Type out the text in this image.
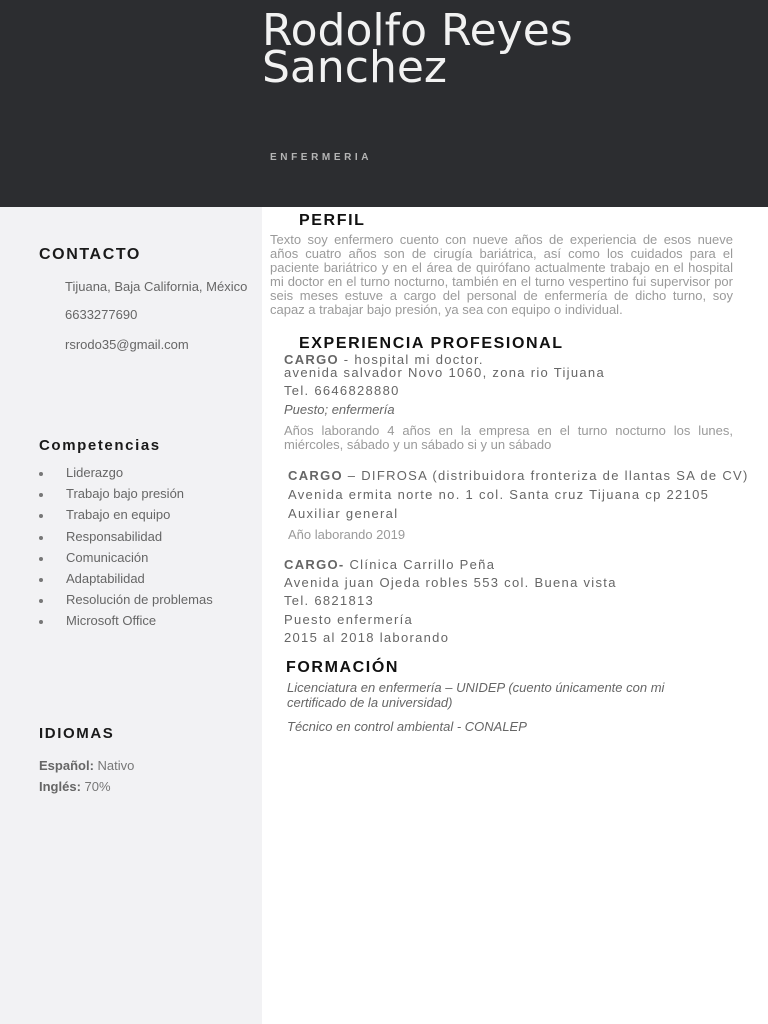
Rodolfo Reyes
Sanchez
ENFERMERIA
CONTACTO
Tijuana, Baja California, México
6633277690
rsrodo35@gmail.com
Competencias
Liderazgo
Trabajo bajo presión
Trabajo en equipo
Responsabilidad
Comunicación
Adaptabilidad
Resolución de problemas
Microsoft Office
IDIOMAS
Español: Nativo
Inglés: 70%
PERFIL
Texto soy enfermero cuento con nueve años de experiencia de esos nueve años cuatro años son de cirugía bariátrica, así como los cuidados para el paciente bariátrico y en el área de quirófano actualmente trabajo en el hospital mi doctor en el turno nocturno, también en el turno vespertino fui supervisor por seis meses estuve a cargo del personal de enfermería de dicho turno, soy capaz a trabajar bajo presión, ya sea con equipo o individual.
EXPERIENCIA PROFESIONAL
CARGO - hospital mi doctor.
avenida salvador Novo 1060, zona rio Tijuana
Tel. 6646828880
Puesto; enfermería
Años laborando 4 años en la empresa en el turno nocturno los lunes, miércoles, sábado y un sábado si y un sábado
CARGO – DIFROSA (distribuidora fronteriza de llantas SA de CV)
Avenida ermita norte no. 1 col. Santa cruz Tijuana cp 22105
Auxiliar general
Año laborando 2019
CARGO- Clínica Carrillo Peña
Avenida juan Ojeda robles 553 col. Buena vista
Tel. 6821813
Puesto enfermería
2015 al 2018 laborando
FORMACIÓN
Licenciatura en enfermería – UNIDEP (cuento únicamente con mi certificado de la universidad)
Técnico en control ambiental - CONALEP
